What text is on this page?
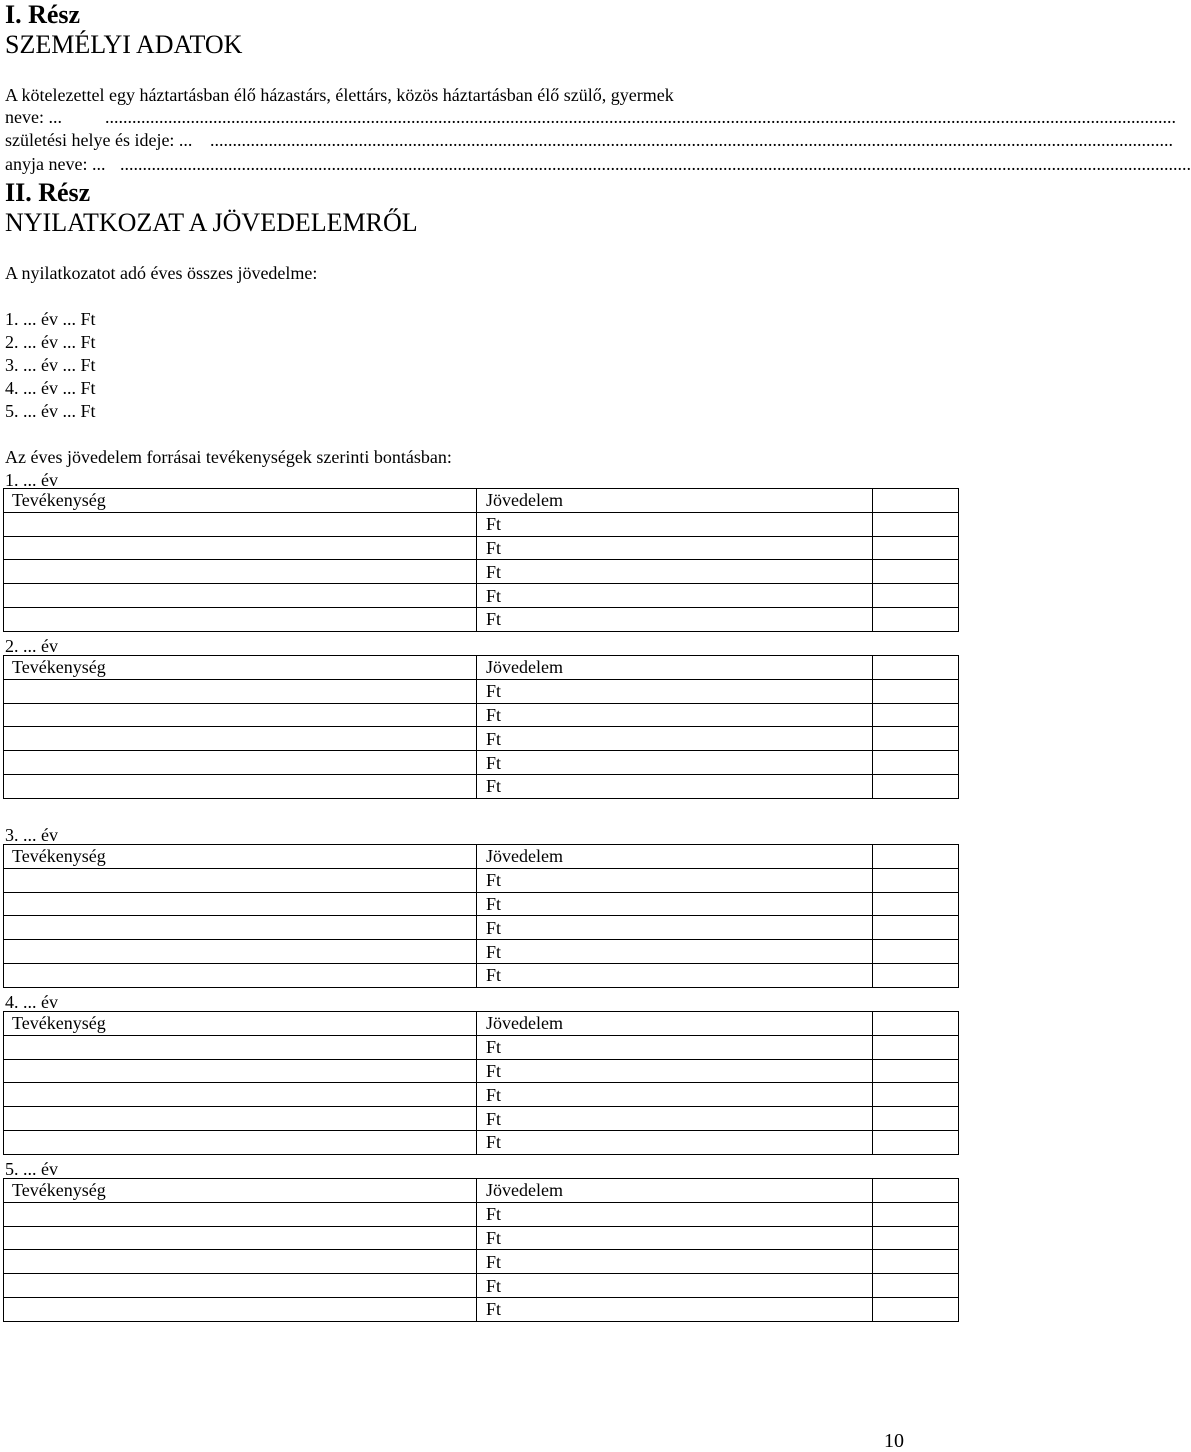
I. Rész
SZEMÉLYI ADATOK
A kötelezettel egy háztartásban élő házastárs, élettárs, közös háztartásban élő szülő, gyermek
neve: ... ..............................................................................................................................................................................................................................................
születési helye és ideje: ... ......................................................................................................................................................................................................................
anyja neve: ... ..............................................................................................................................................................................................................................................
II. Rész
NYILATKOZAT A JÖVEDELEMRŐL
A nyilatkozatot adó éves összes jövedelme:
1. ... év ... Ft
2. ... év ... Ft
3. ... év ... Ft
4. ... év ... Ft
5. ... év ... Ft
Az éves jövedelem forrásai tevékenységek szerinti bontásban:
1. ... év
Tevékenység	Jövedelem	
	Ft	
	Ft	
	Ft	
	Ft	
	Ft	
2. ... év
Tevékenység	Jövedelem	
	Ft	
	Ft	
	Ft	
	Ft	
	Ft	
3. ... év
Tevékenység	Jövedelem	
	Ft	
	Ft	
	Ft	
	Ft	
	Ft	
4. ... év
Tevékenység	Jövedelem	
	Ft	
	Ft	
	Ft	
	Ft	
	Ft	
5. ... év
Tevékenység	Jövedelem	
	Ft	
	Ft	
	Ft	
	Ft	
	Ft	
10
